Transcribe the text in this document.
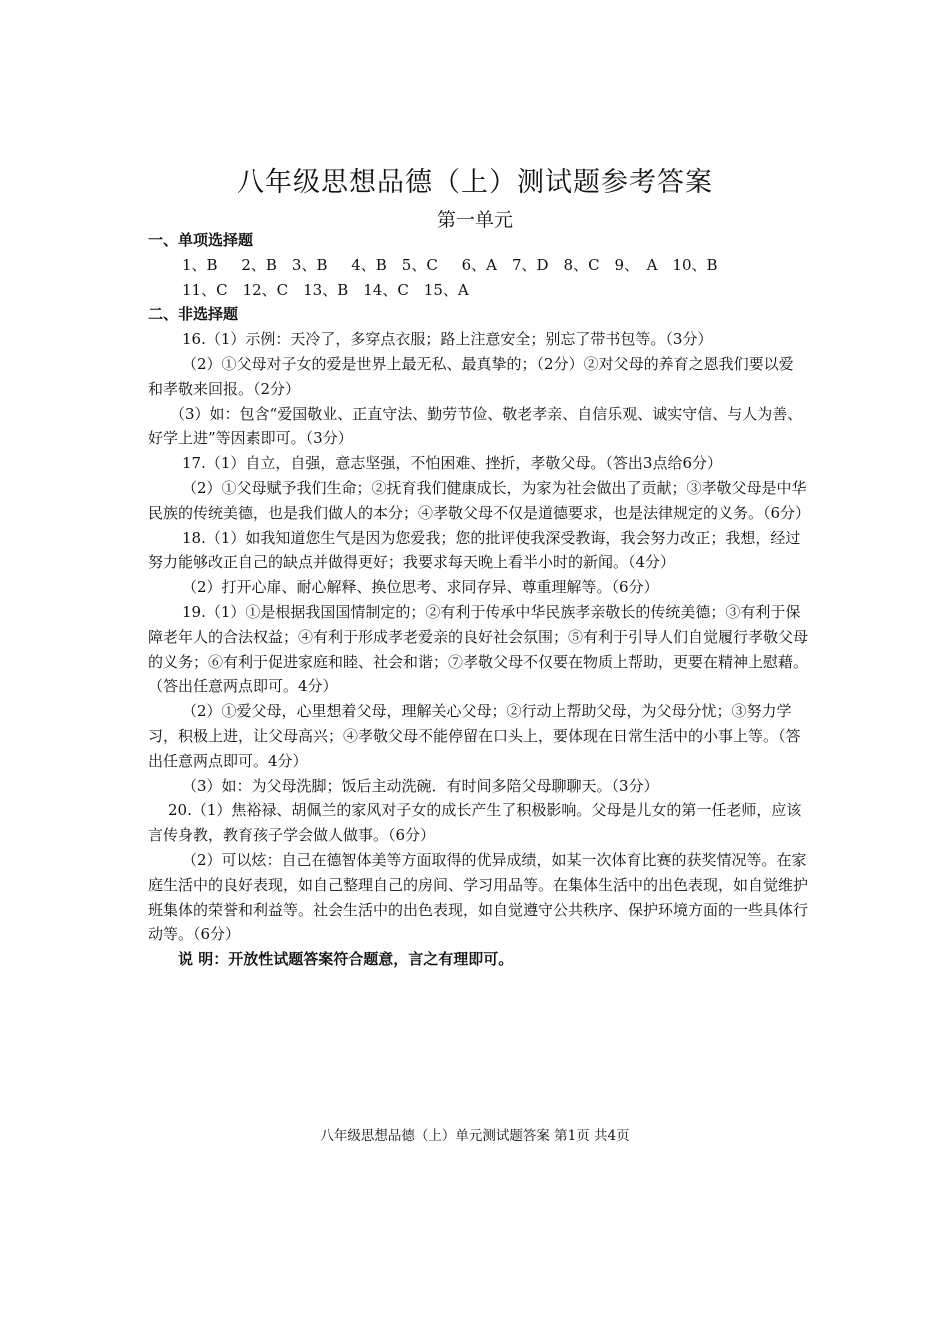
八年级思想品德（上）测试题参考答案
第一单元

一、单项选择题

1、B　 2、B　3、B　 4、B　5、C　 6、A　7、D　8、C　9、　A　10、B

11、C　12、C　13、B　14、C　15、A

二、非选择题

16.（1）示例：天冷了，多穿点衣服；路上注意安全；别忘了带书包等。（3分）

（2）①父母对子女的爱是世界上最无私、最真挚的；（2分）②对父母的养育之恩我们要以爱和孝敬来回报。（2分）

（3）如：包含“爱国敬业、正直守法、勤劳节俭、敬老孝亲、自信乐观、诚实守信、与人为善、好学上进”等因素即可。（3分）

17.（1）自立，自强，意志坚强，不怕困难、挫折，孝敬父母。（答出3点给6分）

（2）①父母赋予我们生命；②抚育我们健康成长，为家为社会做出了贡献；③孝敬父母是中华民族的传统美德，也是我们做人的本分；④孝敬父母不仅是道德要求，也是法律规定的义务。（6分）

18.（1）如我知道您生气是因为您爱我；您的批评使我深受教诲，我会努力改正；我想，经过努力能够改正自己的缺点并做得更好；我要求每天晚上看半小时的新闻。（4分）

（2）打开心扉、耐心解释、换位思考、求同存异、尊重理解等。（6分）

19.（1）①是根据我国国情制定的；②有利于传承中华民族孝亲敬长的传统美德；③有利于保障老年人的合法权益；④有利于形成孝老爱亲的良好社会氛围；⑤有利于引导人们自觉履行孝敬父母的义务；⑥有利于促进家庭和睦、社会和谐；⑦孝敬父母不仅要在物质上帮助，更要在精神上慰藉。（答出任意两点即可。4分）

（2）①爱父母，心里想着父母，理解关心父母；②行动上帮助父母，为父母分忧；③努力学习，积极上进，让父母高兴；④孝敬父母不能停留在口头上，要体现在日常生活中的小事上等。（答出任意两点即可。4分）

（3）如：为父母洗脚；饭后主动洗碗．有时间多陪父母聊聊天。（3分）

20.（1）焦裕禄、胡佩兰的家风对子女的成长产生了积极影响。父母是儿女的第一任老师，应该言传身教，教育孩子学会做人做事。（6分）

（2）可以炫：自己在德智体美等方面取得的优异成绩，如某一次体育比赛的获奖情况等。在家庭生活中的良好表现，如自己整理自己的房间、学习用品等。在集体生活中的出色表现，如自觉维护班集体的荣誉和利益等。社会生活中的出色表现，如自觉遵守公共秩序、保护环境方面的一些具体行动等。（6分）

说 明：开放性试题答案符合题意，言之有理即可。

八年级思想品德（上）单元测试题答案 第1页 共4页
